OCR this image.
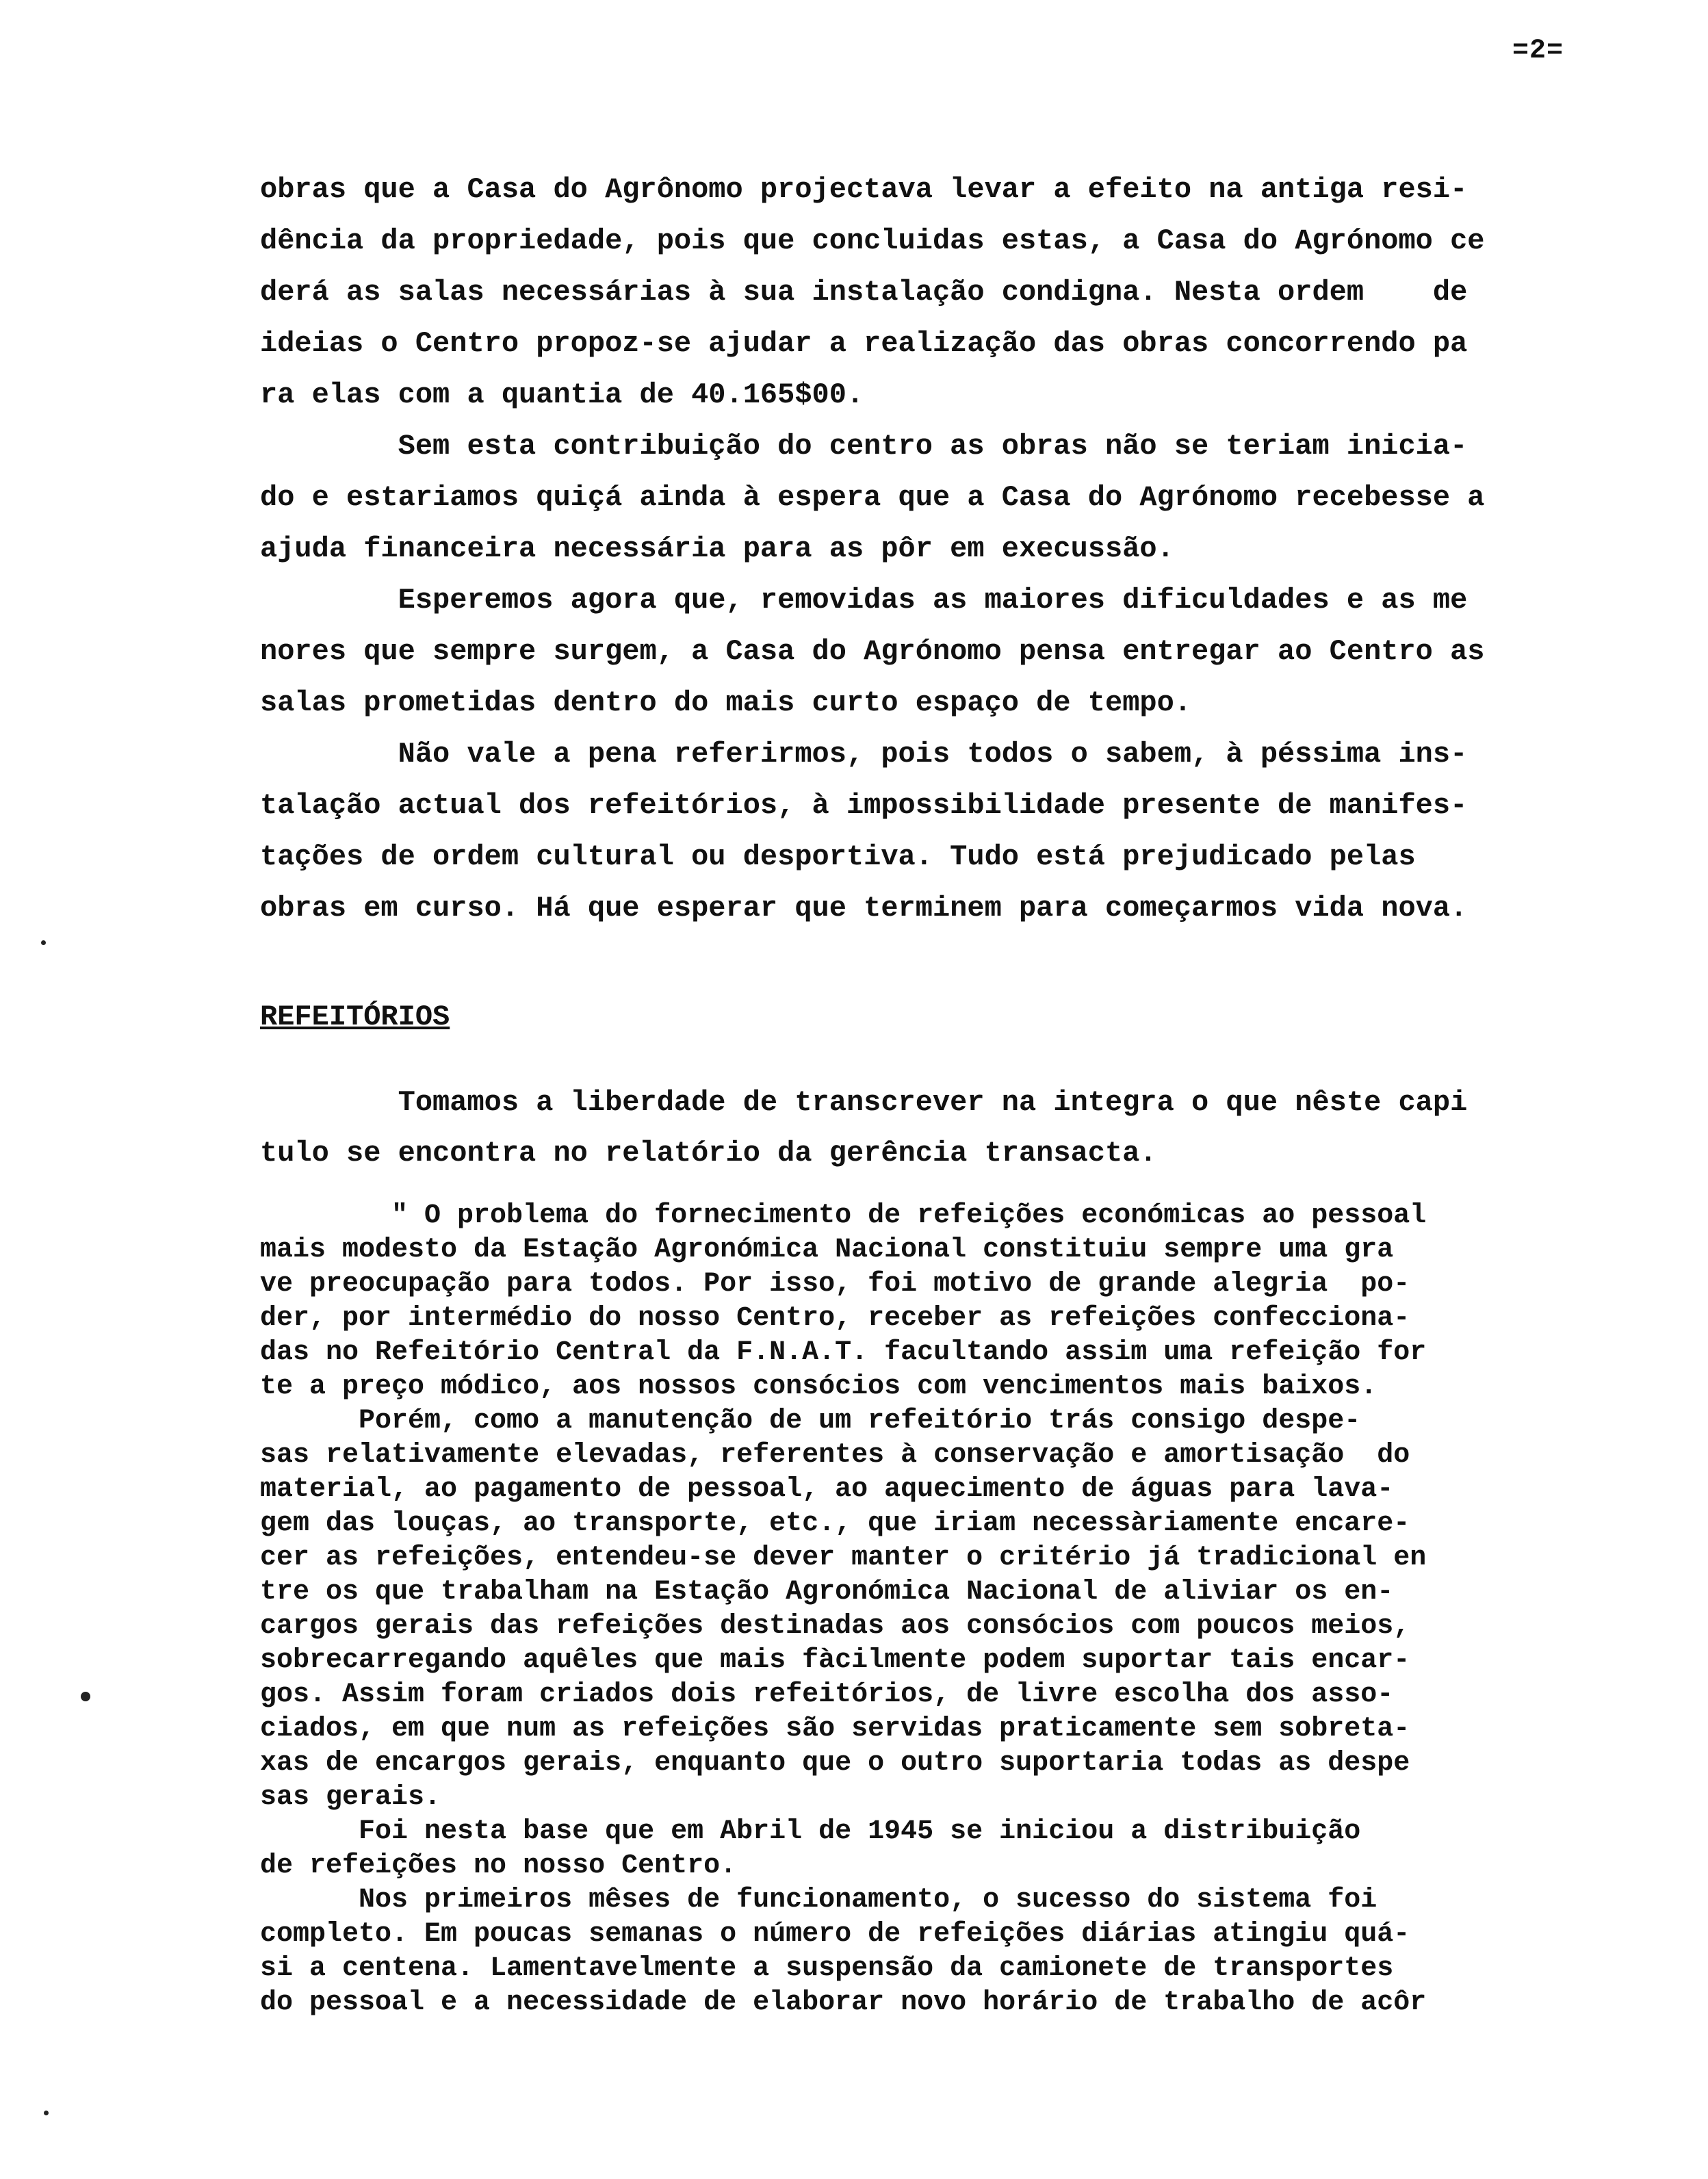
=2=
obras que a Casa do Agrônomo projectava levar a efeito na antiga resi-
dência da propriedade, pois que concluidas estas, a Casa do Agrónomo ce
derá as salas necessárias à sua instalação condigna. Nesta ordem    de
ideias o Centro propoz-se ajudar a realização das obras concorrendo pa
ra elas com a quantia de 40.165$00.
Sem esta contribuição do centro as obras não se teriam inicia-
do e estariamos quiçá ainda à espera que a Casa do Agrónomo recebesse a
ajuda financeira necessária para as pôr em execussão.
Esperemos agora que, removidas as maiores dificuldades e as me
nores que sempre surgem, a Casa do Agrónomo pensa entregar ao Centro as
salas prometidas dentro do mais curto espaço de tempo.
Não vale a pena referirmos, pois todos o sabem, à péssima ins-
talação actual dos refeitórios, à impossibilidade presente de manifes-
tações de ordem cultural ou desportiva. Tudo está prejudicado pelas
obras em curso. Há que esperar que terminem para começarmos vida nova.
REFEITÓRIOS
Tomamos a liberdade de transcrever na integra o que nêste capi
tulo se encontra no relatório da gerência transacta.
" O problema do fornecimento de refeições económicas ao pessoal
mais modesto da Estação Agronómica Nacional constituiu sempre uma gra
ve preocupação para todos. Por isso, foi motivo de grande alegria  po-
der, por intermédio do nosso Centro, receber as refeições confecciona-
das no Refeitório Central da F.N.A.T. facultando assim uma refeição for
te a preço módico, aos nossos consócios com vencimentos mais baixos.
Porém, como a manutenção de um refeitório trás consigo despe-
sas relativamente elevadas, referentes à conservação e amortisação  do
material, ao pagamento de pessoal, ao aquecimento de águas para lava-
gem das louças, ao transporte, etc., que iriam necessàriamente encare-
cer as refeições, entendeu-se dever manter o critério já tradicional en
tre os que trabalham na Estação Agronómica Nacional de aliviar os en-
cargos gerais das refeições destinadas aos consócios com poucos meios,
sobrecarregando aquêles que mais fàcilmente podem suportar tais encar-
gos. Assim foram criados dois refeitórios, de livre escolha dos asso-
ciados, em que num as refeições são servidas praticamente sem sobreta-
xas de encargos gerais, enquanto que o outro suportaria todas as despe
sas gerais.
Foi nesta base que em Abril de 1945 se iniciou a distribuição
de refeições no nosso Centro.
Nos primeiros mêses de funcionamento, o sucesso do sistema foi
completo. Em poucas semanas o número de refeições diárias atingiu quá-
si a centena. Lamentavelmente a suspensão da camionete de transportes
do pessoal e a necessidade de elaborar novo horário de trabalho de acôr
